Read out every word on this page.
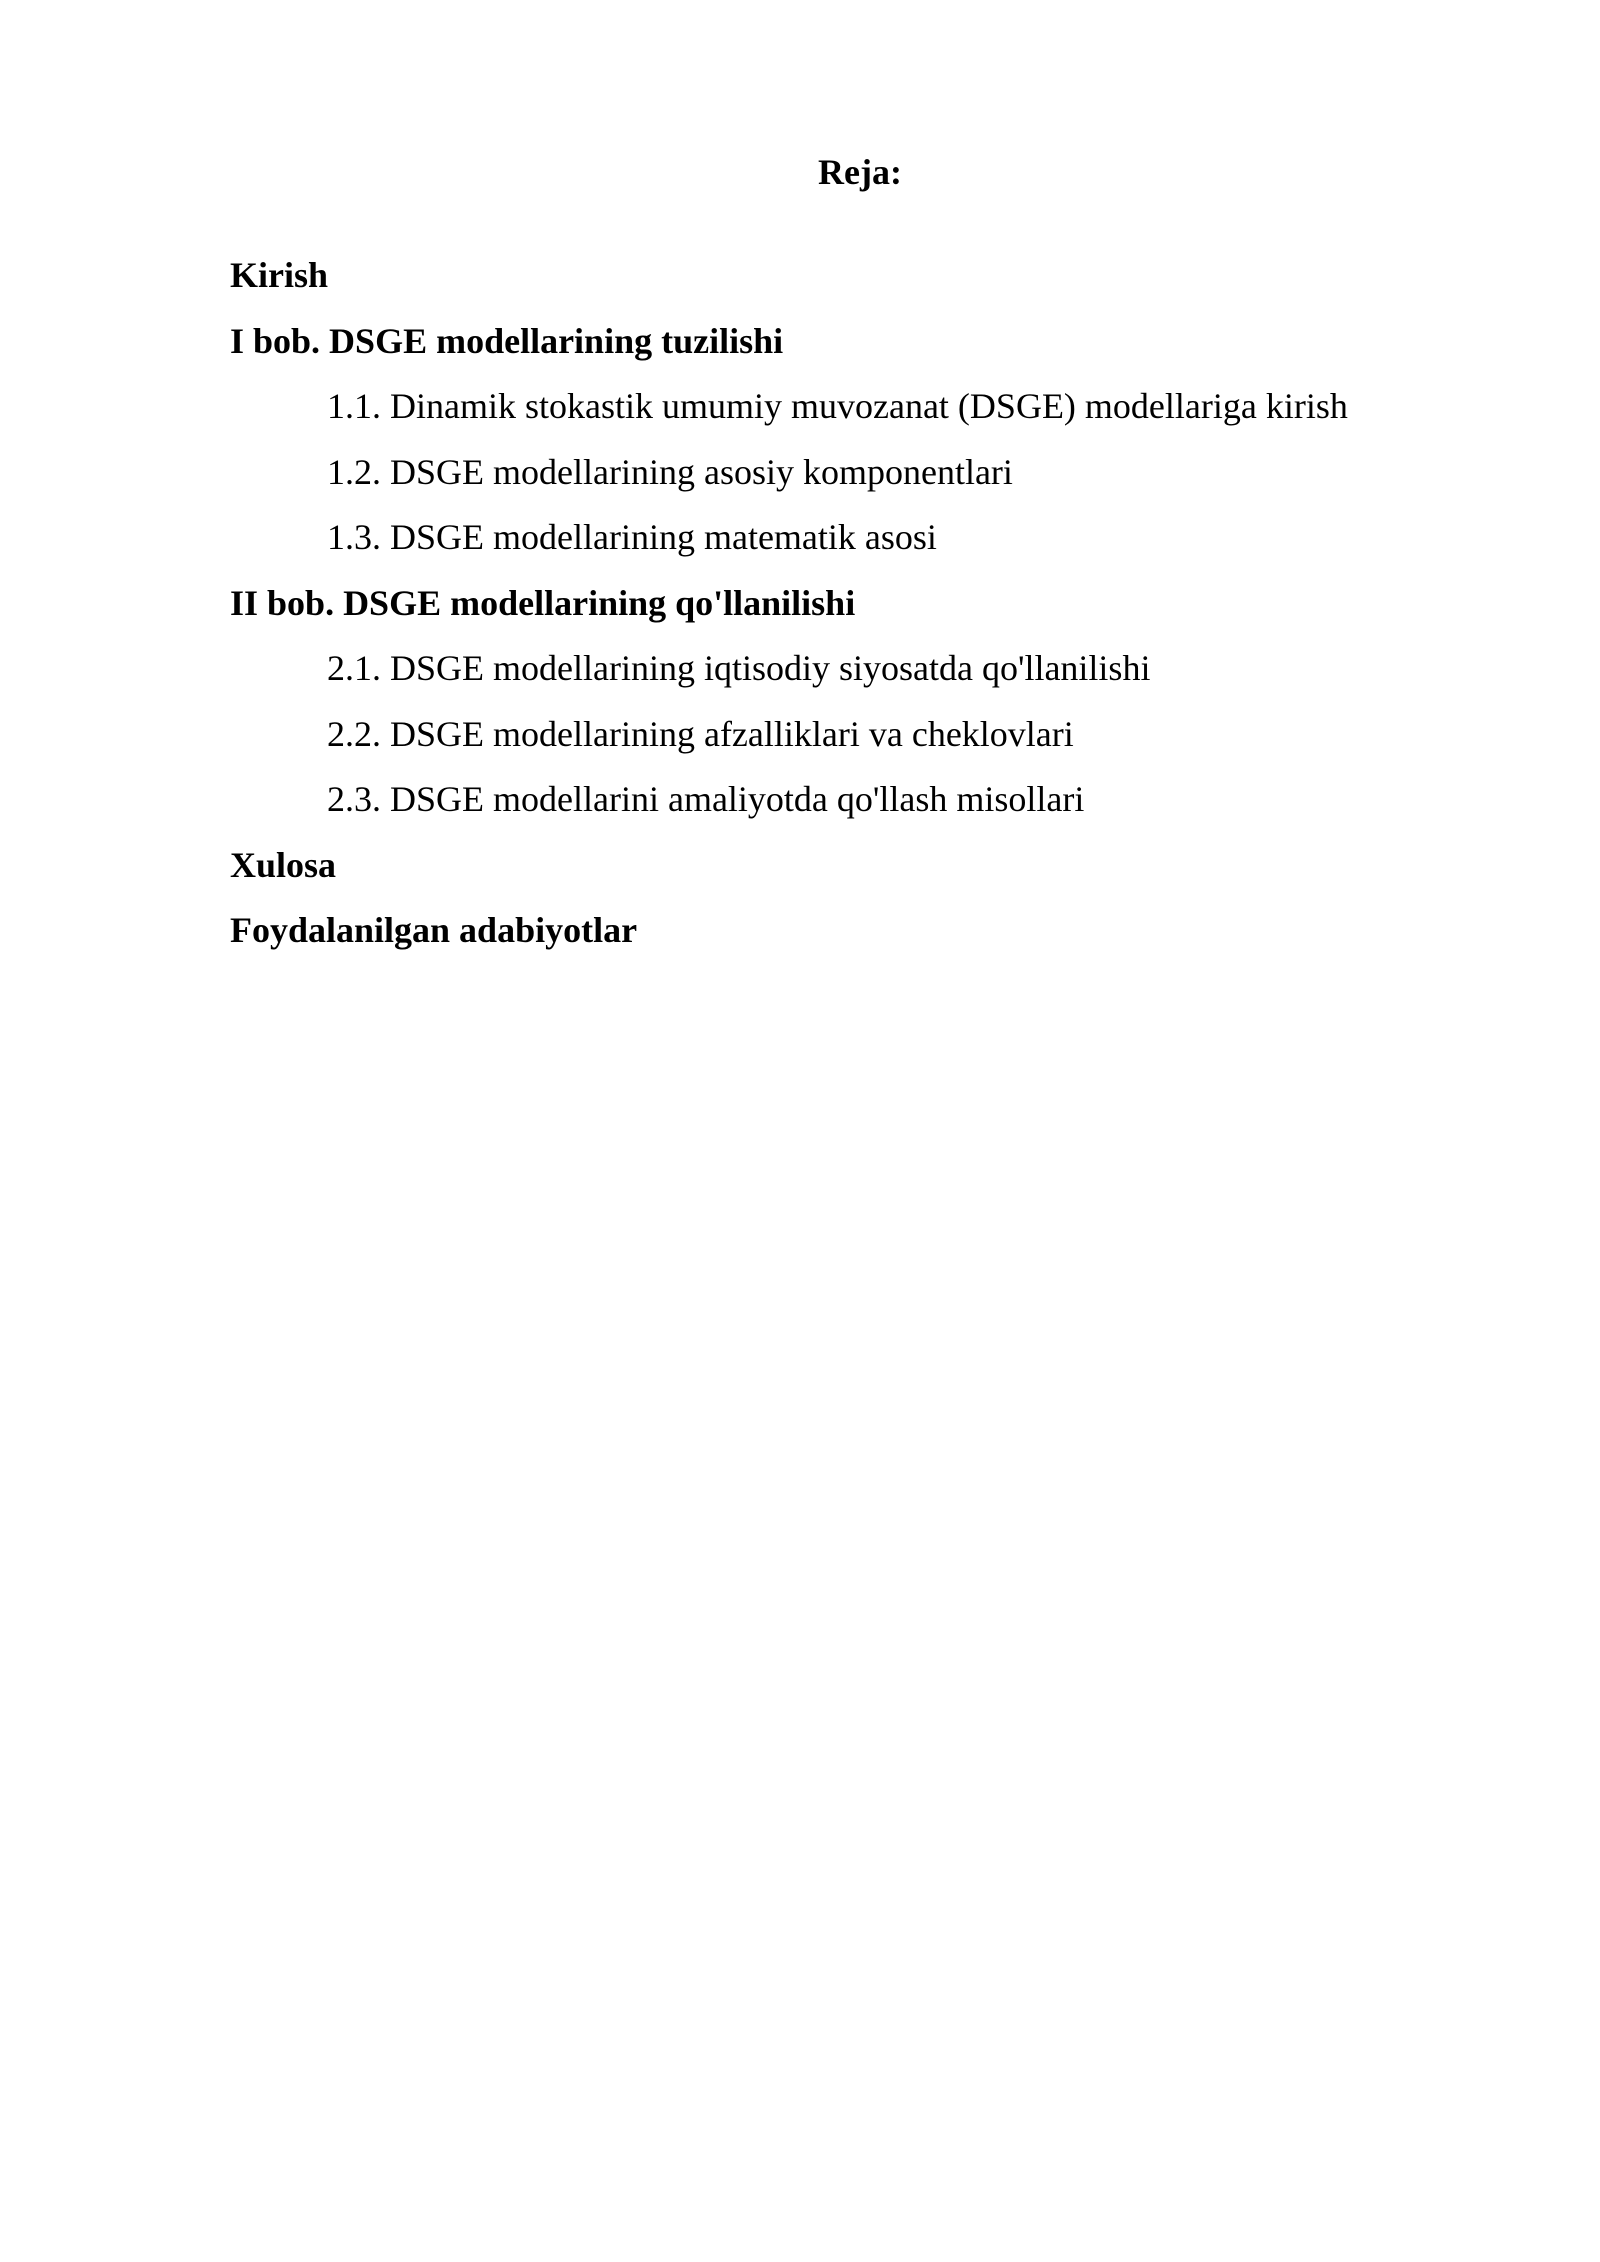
Reja:
Kirish
I bob. DSGE modellarining tuzilishi
1.1. Dinamik stokastik umumiy muvozanat (DSGE) modellariga kirish
1.2. DSGE modellarining asosiy komponentlari
1.3. DSGE modellarining matematik asosi
II bob. DSGE modellarining qo'llanilishi
2.1. DSGE modellarining iqtisodiy siyosatda qo'llanilishi
2.2. DSGE modellarining afzalliklari va cheklovlari
2.3. DSGE modellarini amaliyotda qo'llash misollari
Xulosa
Foydalanilgan adabiyotlar
